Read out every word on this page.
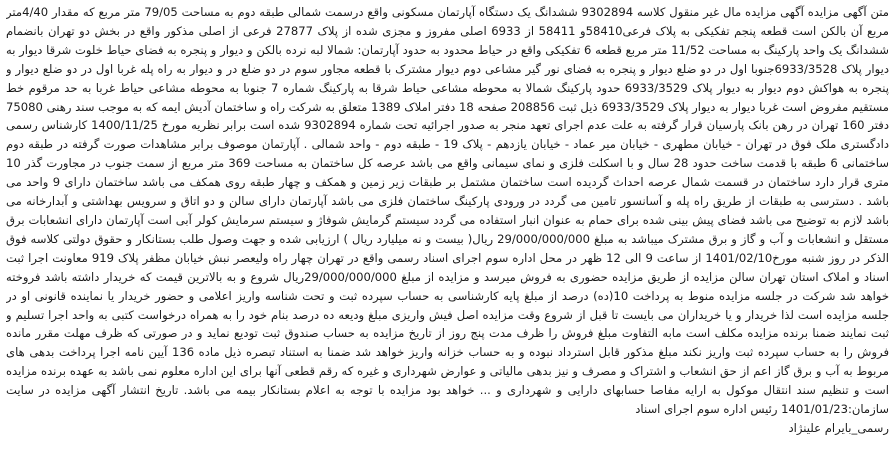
متن آگهی مزایده آگهی مزایده مال غیر منقول کلاسه 9302894 ششدانگ یک دستگاه آپارتمان مسکونی واقع درسمت شمالی طبقه دوم به مساحت 79/05 متر مربع که مقدار 4/40متر مربع آن بالکن است قطعه پنجم تفکیکی به پلاک فرعی58410و 58411 از 6933 اصلی مفروز و مجزی شده از پلاک 27877 فرعی از اصلی مذکور واقع در بخش دو تهران بانضمام ششدانگ یک واحد پارکینگ به مساحت 11/52 متر مربع قطعه 6 تفکیکی واقع در حیاط محدود به حدود آپارتمان: شمالا لبه نرده بالکن و دیوار و پنجره به فضای حیاط خلوت شرقا دیوار به دیوار پلاک 6933/3528جنوبا اول در دو ضلع دیوار و پنجره به فضای نور گیر مشاعی دوم دیوار مشترک با قطعه مجاور سوم در دو ضلع در و دیوار به راه پله غربا اول در دو ضلع دیوار و پنجره به هواکش دوم دیوار به دیوار پلاک 6933/3529 حدود پارکینگ شمالا به محوطه مشاعی حیاط شرقا به پارکینگ شماره 7 جنوبا به محوطه مشاعی حیاط غربا به حد مرقوم خط مستقیم مفروض است غربا دیوار به دیوار پلاک 6933/3529 ذیل ثبت 208856 صفحه 18 دفتر املاک 1389 متعلق به شرکت راه و ساختمان آدیش ایمه که به موجب سند رهنی 75080 دفتر 160 تهران در رهن بانک پارسیان قرار گرفته به علت عدم اجرای تعهد منجر به صدور اجرائیه تحت شماره 9302894 شده است برابر نظریه مورخ 1400/11/25 کارشناس رسمی دادگستری ملک فوق در تهران - خیابان مطهری - خیابان میر عماد - خیابان یازدهم - پلاک 19 - طبقه دوم - واحد شمالی . آپارتمان موصوف برابر مشاهدات صورت گرفته در طبقه دوم ساختمانی 6 طبقه با قدمت ساخت حدود 28 سال و با اسکلت فلزی و نمای سیمانی واقع می باشد عرصه کل ساختمان به مساحت 369 متر مربع از سمت جنوب در مجاورت گذر 10 متری قرار دارد ساختمان در قسمت شمال عرصه احداث گردیده است ساختمان مشتمل بر طبقات زیر زمین و همکف و چهار طبقه روی همکف می باشد ساختمان دارای 9 واحد می باشد . دسترسی به طبقات از طریق راه پله و آسانسور تامین می گردد در ورودی پارکینگ ساختمان فلزی می باشد آپارتمان دارای سالن و دو اتاق و سرویس بهداشتی و آبدارخانه می باشد لازم به توضیح می باشد فضای پیش بینی شده برای حمام به عنوان انبار استفاده می گردد سیستم گرمایش شوفاژ و سیستم سرمایش کولر آبی است آپارتمان دارای انشعابات برق مستقل و انشعابات و آب و گاز و برق مشترک میباشد به مبلغ 29/000/000/000 ریال( بیست و نه میلیارد ریال ) ارزیابی شده و جهت وصول طلب بستانکار و حقوق دولتی کلاسه فوق الذکر در روز شنبه مورخ1401/02/10 از ساعت 9 الی 12 ظهر در محل اداره سوم اجرای اسناد رسمی واقع در تهران چهار راه ولیعصر نبش خیابان مظفر پلاک 919 معاونت اجرا ثبت اسناد و املاک استان تهران سالن مزایده از طریق مزایده حضوری به فروش میرسد و مزایده از مبلغ 29/000/000/000ریال شروع و به بالاترین قیمت که خریدار داشته باشد فروخته خواهد شد شرکت در جلسه مزایده منوط به پرداخت 10(ده) درصد از مبلغ پایه کارشناسی به حساب سپرده ثبت و تحت شناسه واریز اعلامی و حضور خریدار یا نماینده قانونی او در جلسه مزایده است لذا خریدار و یا خریداران می بایست تا قبل از شروع وقت مزایده اصل فیش واریزی مبلغ ودیعه ده درصد بنام خود را به همراه درخواست کتبی به واحد اجرا تسلیم و ثبت نمایند ضمنا برنده مزایده مکلف است مابه التفاوت مبلغ فروش را ظرف مدت پنج روز از تاریخ مزایده به حساب صندوق ثبت تودیع نماید و در صورتی که ظرف مهلت مقرر مانده فروش را به حساب سپرده ثبت واریز نکند مبلغ مذکور قابل استرداد نبوده و به حساب خزانه واریز خواهد شد ضمنا به استناد تبصره ذیل ماده 136 آیین نامه اجرا پرداخت بدهی های مربوط به آب و برق گاز اعم از حق انشعاب و اشتراک و مصرف و نیز بدهی مالیاتی و عوارض شهرداری و غیره که رقم قطعی آنها برای این اداره معلوم نمی باشد به عهده برنده مزایده است و تنظیم سند انتقال موکول به ارایه مفاصا حسابهای دارایی و شهرداری و ... خواهد بود مزایده با توجه به اعلام بستانکار بیمه می باشد. تاریخ انتشار آگهی مزایده در سایت سازمان:1401/01/23 رئیس اداره سوم اجرای اسناد
رسمی_بایرام علینژاد
